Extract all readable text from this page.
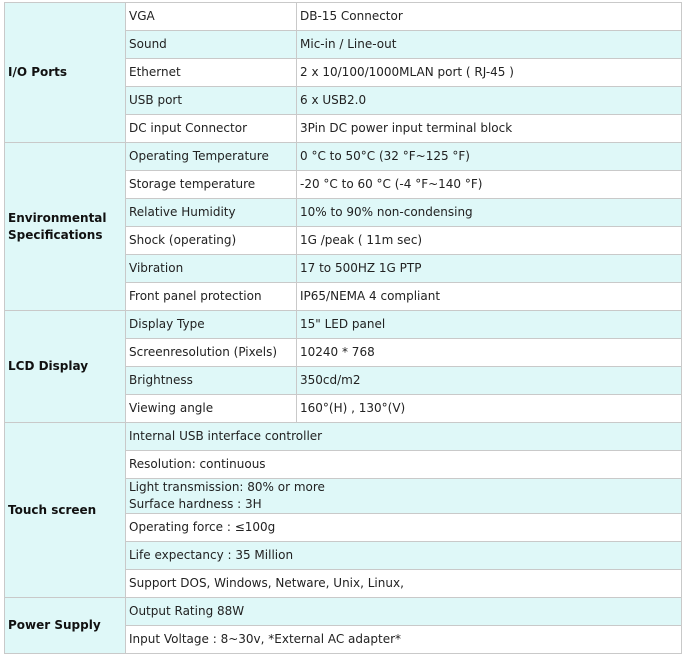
I/O Ports	VGA	DB-15 Connector
	Sound	Mic-in / Line-out
	Ethernet	2 x 10/100/1000MLAN port ( RJ-45 )
	USB port	6 x USB2.0
	DC input Connector	3Pin DC power input terminal block
Environmental Specifications	Operating Temperature	0 °C to 50°C (32 °F~125 °F)
	Storage temperature	-20 °C to 60 °C (-4 °F~140 °F)
	Relative Humidity	10% to 90% non-condensing
	Shock (operating)	1G /peak ( 11m sec)
	Vibration	17 to 500HZ 1G PTP
	Front panel protection	IP65/NEMA 4 compliant
LCD Display	Display Type	15" LED panel
	Screenresolution (Pixels)	10240 * 768
	Brightness	350cd/m2
	Viewing angle	160°(H) , 130°(V)
Touch screen	Internal USB interface controller	
	Resolution: continuous	

	Light transmission: 80% or more
Surface hardness : 3H	

	Operating force : ≤100g	
	Life expectancy : 35 Million	
	Support DOS, Windows, Netware, Unix, Linux,	
Power Supply	Output Rating 88W	
	Input Voltage : 8~30v, *External AC adapter*	
